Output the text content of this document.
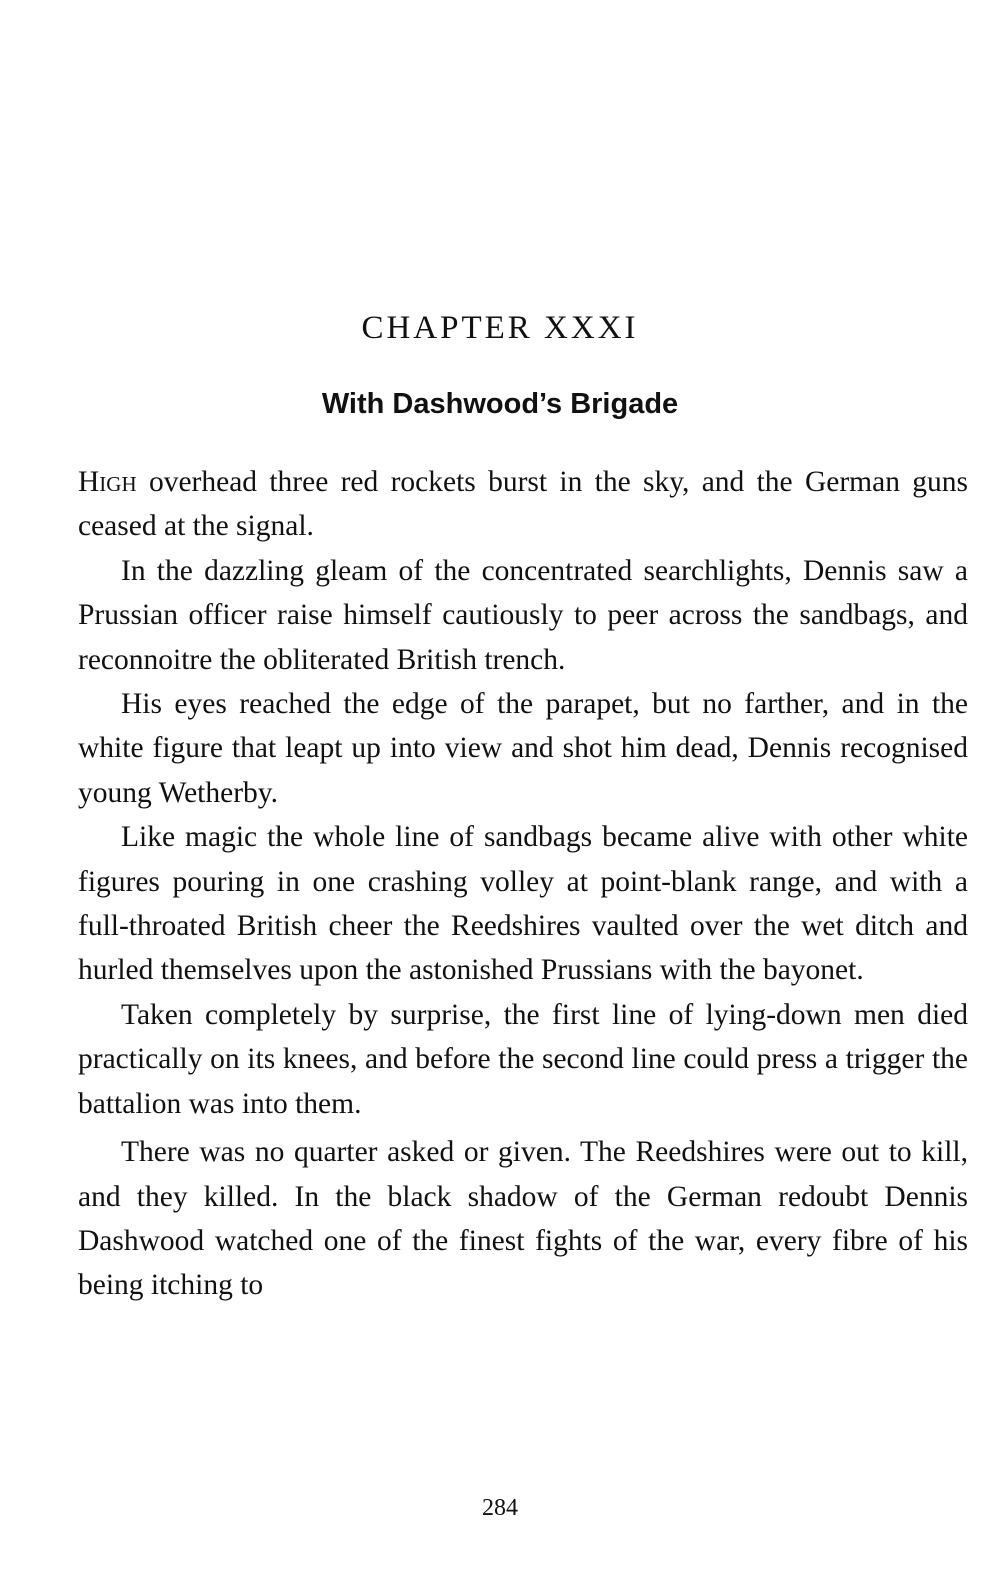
CHAPTER XXXI
With Dashwood’s Brigade

High overhead three red rockets burst in the sky, and the German guns ceased at the signal.

In the dazzling gleam of the concentrated searchlights, Dennis saw a Prussian officer raise himself cautiously to peer across the sandbags, and reconnoitre the obliterated British trench.

His eyes reached the edge of the parapet, but no farther, and in the white figure that leapt up into view and shot him dead, Dennis recognised young Wetherby.

Like magic the whole line of sandbags became alive with other white figures pouring in one crashing volley at point-blank range, and with a full-throated British cheer the Reedshires vaulted over the wet ditch and hurled themselves upon the astonished Prussians with the bayonet.

Taken completely by surprise, the first line of lying-down men died practically on its knees, and before the second line could press a trigger the battalion was into them.

There was no quarter asked or given. The Reedshires were out to kill, and they killed. In the black shadow of the German redoubt Dennis Dashwood watched one of the finest fights of the war, every fibre of his being itching to

284
